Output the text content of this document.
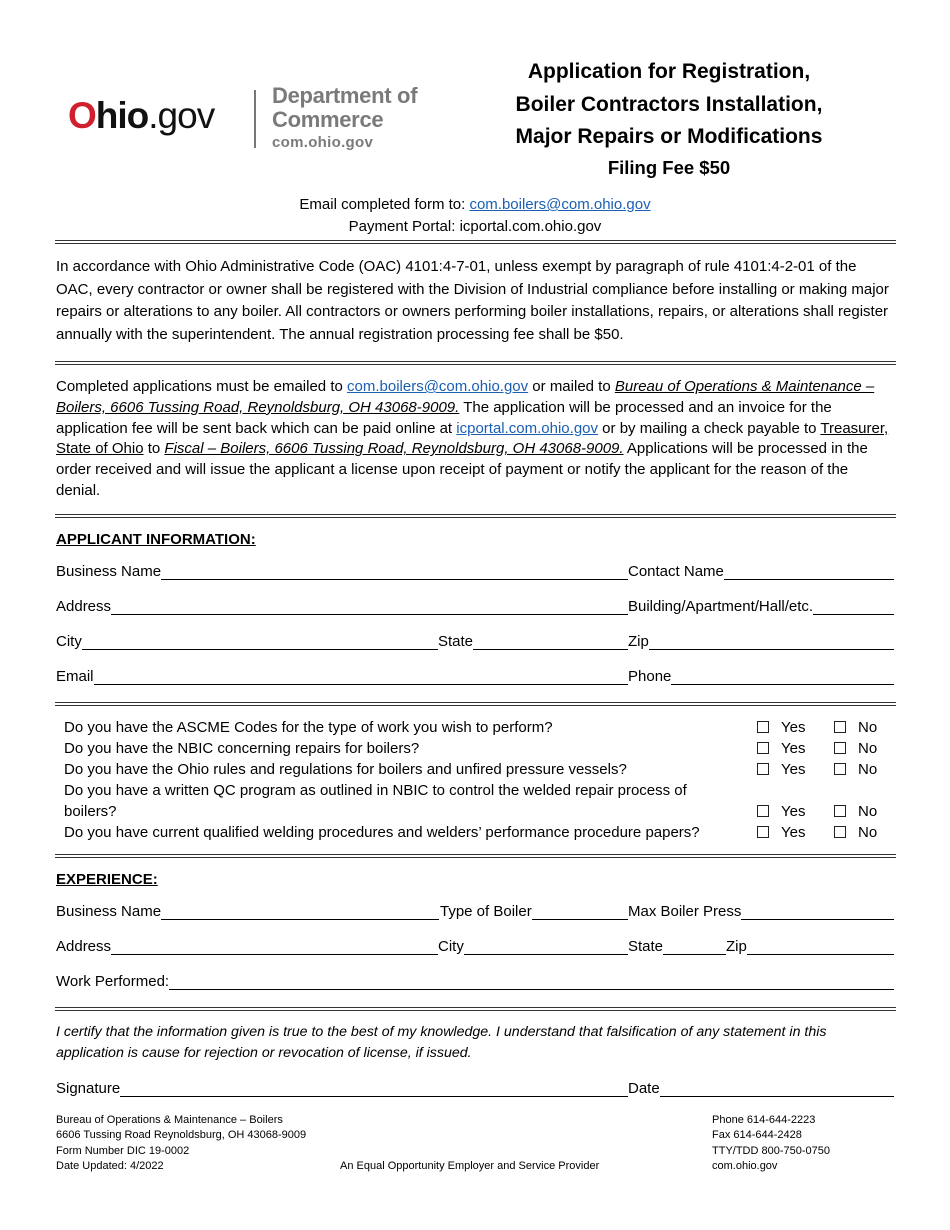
Ohio.gov	Department of
Commerce
com.ohio.gov
Application for Registration,
Boiler Contractors Installation,
Major Repairs or Modifications
Filing Fee $50
Email completed form to: com.boilers@com.ohio.gov
Payment Portal: icportal.com.ohio.gov
In accordance with Ohio Administrative Code (OAC) 4101:4-7-01, unless exempt by paragraph of rule 4101:4-2-01 of the OAC, every contractor or owner shall be registered with the Division of Industrial compliance before installing or making major repairs or alterations to any boiler. All contractors or owners performing boiler installations, repairs, or alterations shall register annually with the superintendent. The annual registration processing fee shall be $50.
Completed applications must be emailed to com.boilers@com.ohio.gov or mailed to Bureau of Operations & Maintenance – Boilers, 6606 Tussing Road, Reynoldsburg, OH 43068-9009. The application will be processed and an invoice for the application fee will be sent back which can be paid online at icportal.com.ohio.gov or by mailing a check payable to Treasurer, State of Ohio to Fiscal – Boilers, 6606 Tussing Road, Reynoldsburg, OH 43068-9009. Applications will be processed in the order received and will issue the applicant a license upon receipt of payment or notify the applicant for the reason of the denial.
APPLICANT INFORMATION:
Business Name	Contact Name
Address	Building/Apartment/Hall/etc.
City	State	Zip
Email	Phone
Do you have the ASCME Codes for the type of work you wish to perform?	Yes	No
Do you have the NBIC concerning repairs for boilers?	Yes	No
Do you have the Ohio rules and regulations for boilers and unfired pressure vessels?	Yes	No
Do you have a written QC program as outlined in NBIC to control the welded repair process of
boilers?	Yes	No
Do you have current qualified welding procedures and welders’ performance procedure papers?	Yes	No
EXPERIENCE:
Business Name	Type of Boiler	Max Boiler Press
Address	City	State	Zip
Work Performed:
I certify that the information given is true to the best of my knowledge. I understand that falsification of any statement in this application is cause for rejection or revocation of license, if issued.
Signature	Date
Bureau of Operations & Maintenance – Boilers
6606 Tussing Road Reynoldsburg, OH 43068-9009
Form Number DIC 19-0002
Date Updated: 4/2022	An Equal Opportunity Employer and Service Provider
Phone 614-644-2223
Fax 614-644-2428
TTY/TDD 800-750-0750
com.ohio.gov
